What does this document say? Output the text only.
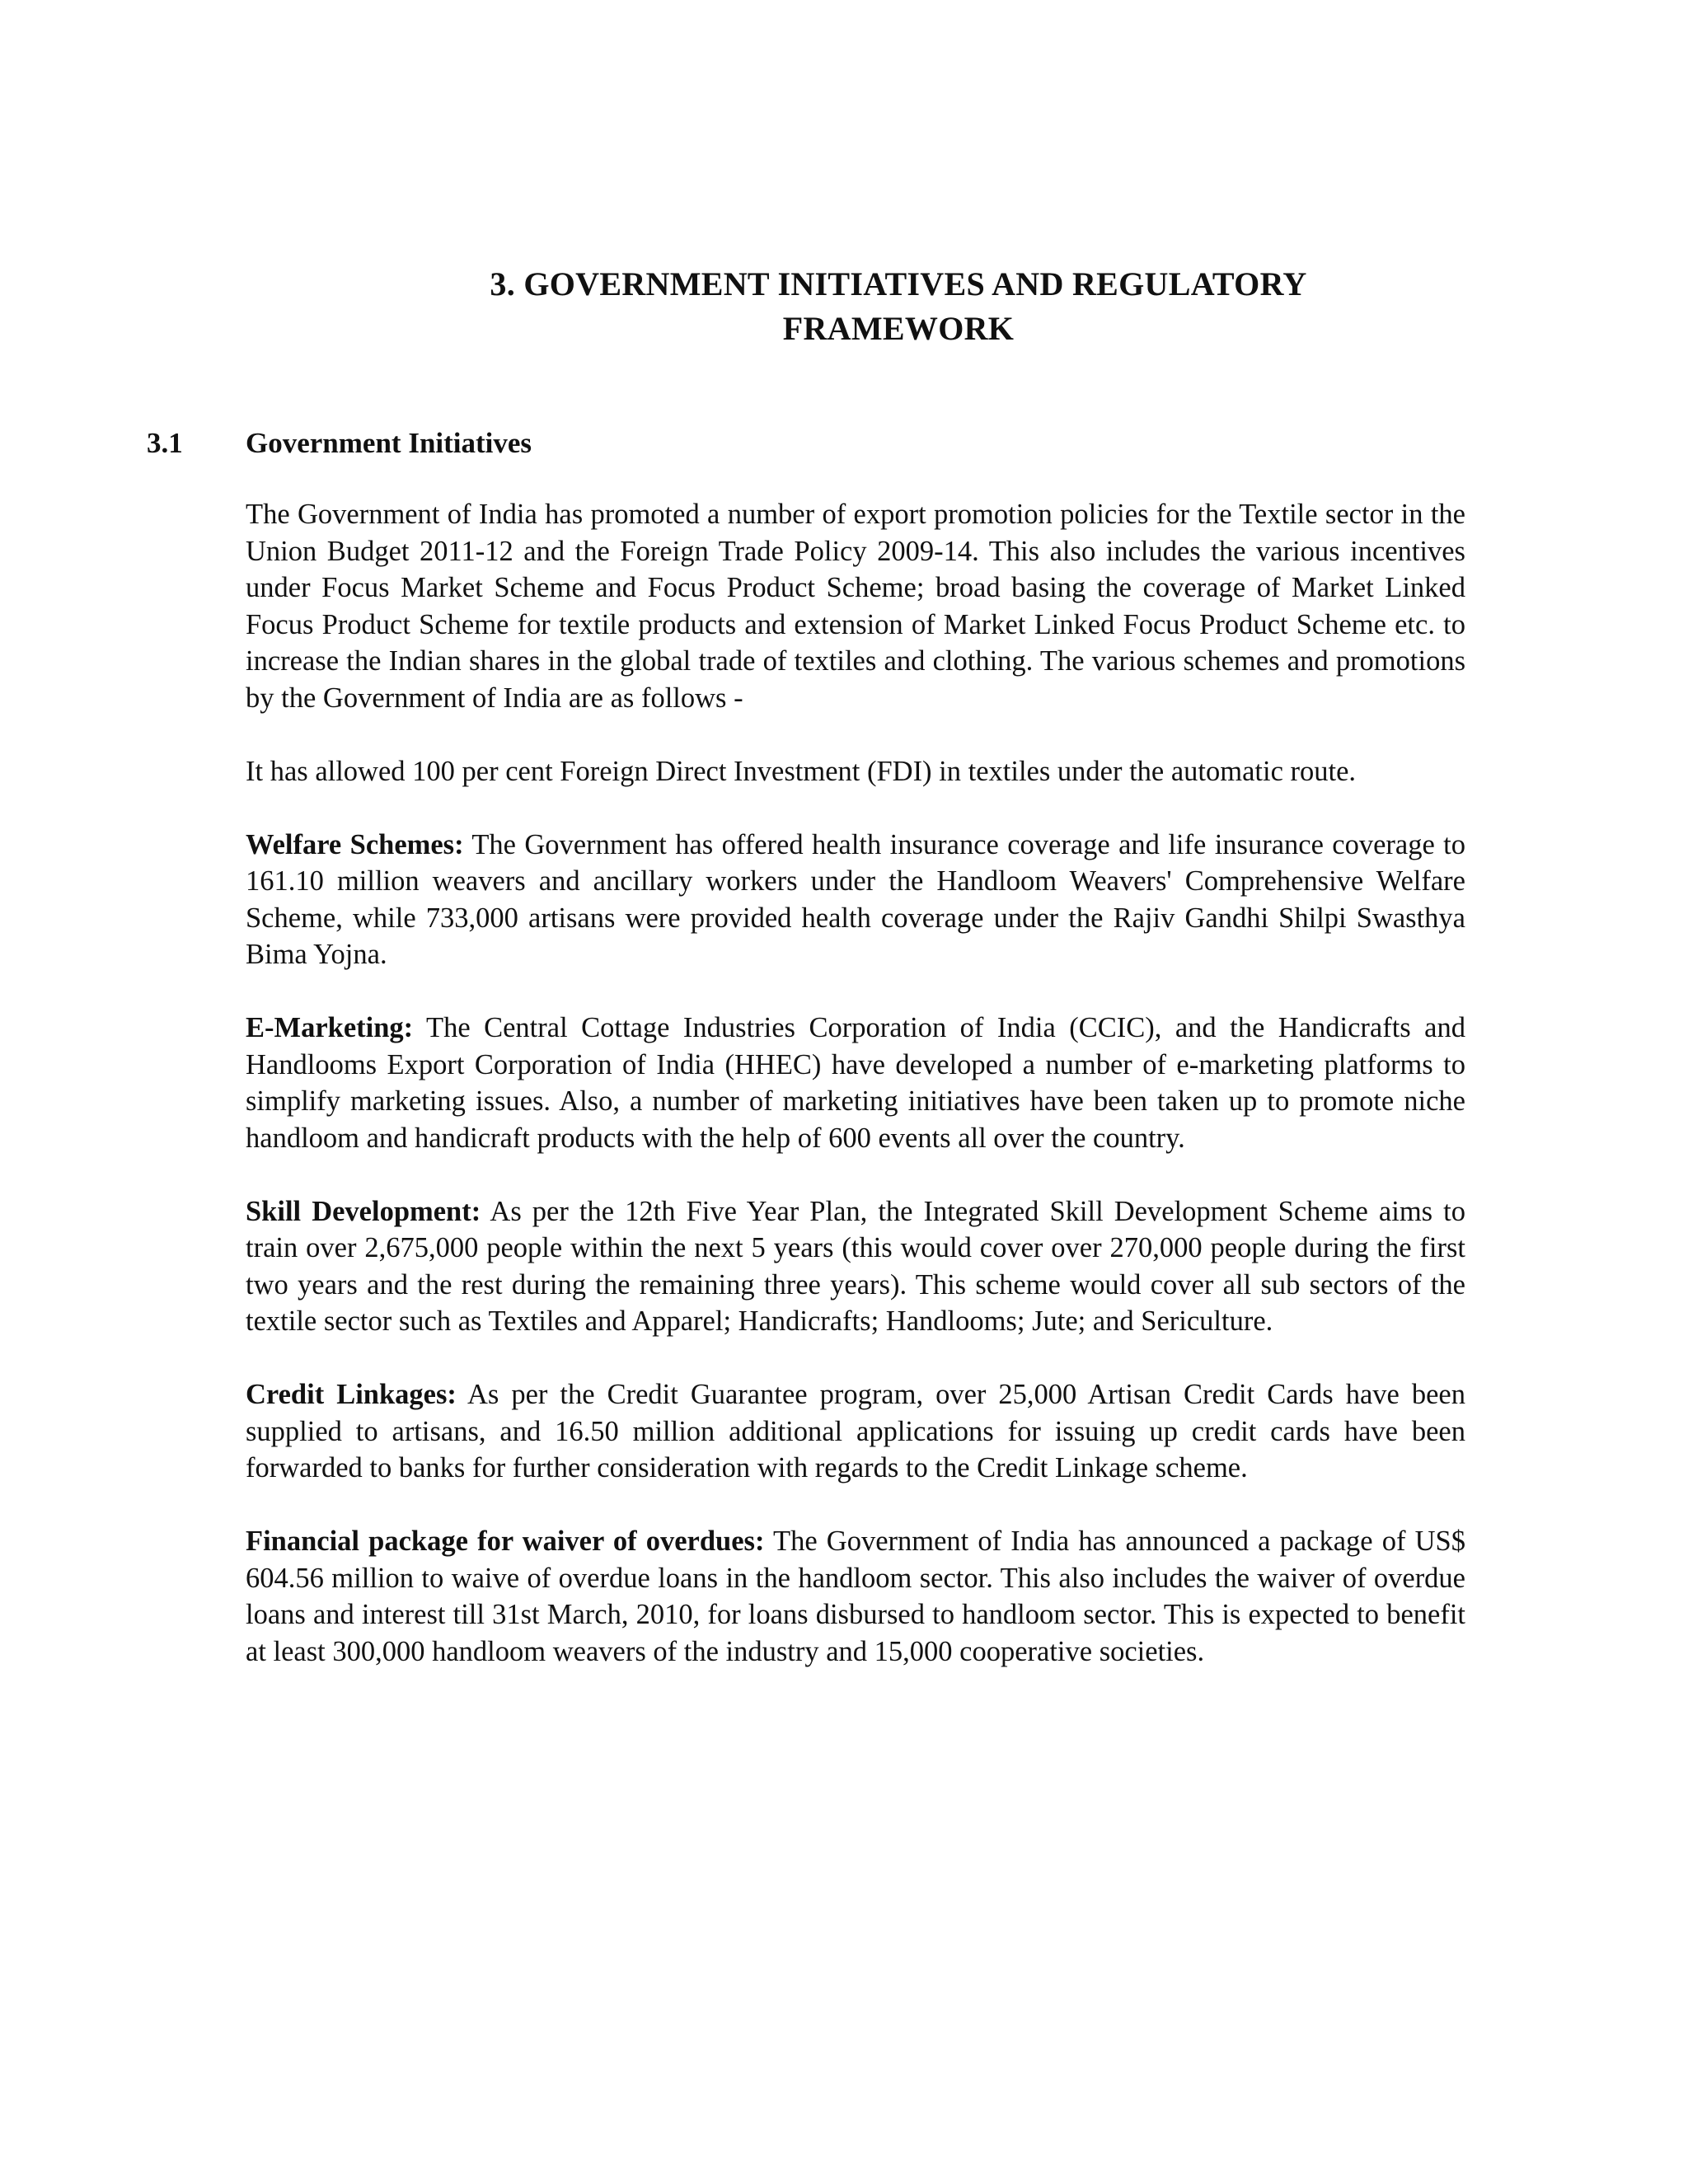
3. GOVERNMENT INITIATIVES AND REGULATORY
FRAMEWORK
3.1 Government Initiatives

The Government of India has promoted a number of export promotion policies for the Textile sector in the Union Budget 2011-12 and the Foreign Trade Policy 2009-14. This also includes the various incentives under Focus Market Scheme and Focus Product Scheme; broad basing the coverage of Market Linked Focus Product Scheme for textile products and extension of Market Linked Focus Product Scheme etc. to increase the Indian shares in the global trade of textiles and clothing. The various schemes and promotions by the Government of India are as follows -

It has allowed 100 per cent Foreign Direct Investment (FDI) in textiles under the automatic route.

Welfare Schemes: The Government has offered health insurance coverage and life insurance coverage to 161.10 million weavers and ancillary workers under the Handloom Weavers' Comprehensive Welfare Scheme, while 733,000 artisans were provided health coverage under the Rajiv Gandhi Shilpi Swasthya Bima Yojna.

E-Marketing: The Central Cottage Industries Corporation of India (CCIC), and the Handicrafts and Handlooms Export Corporation of India (HHEC) have developed a number of e-marketing platforms to simplify marketing issues. Also, a number of marketing initiatives have been taken up to promote niche handloom and handicraft products with the help of 600 events all over the country.

Skill Development: As per the 12th Five Year Plan, the Integrated Skill Development Scheme aims to train over 2,675,000 people within the next 5 years (this would cover over 270,000 people during the first two years and the rest during the remaining three years). This scheme would cover all sub sectors of the textile sector such as Textiles and Apparel; Handicrafts; Handlooms; Jute; and Sericulture.

Credit Linkages: As per the Credit Guarantee program, over 25,000 Artisan Credit Cards have been supplied to artisans, and 16.50 million additional applications for issuing up credit cards have been forwarded to banks for further consideration with regards to the Credit Linkage scheme.

Financial package for waiver of overdues: The Government of India has announced a package of US$ 604.56 million to waive of overdue loans in the handloom sector. This also includes the waiver of overdue loans and interest till 31st March, 2010, for loans disbursed to handloom sector. This is expected to benefit at least 300,000 handloom weavers of the industry and 15,000 cooperative societies.
